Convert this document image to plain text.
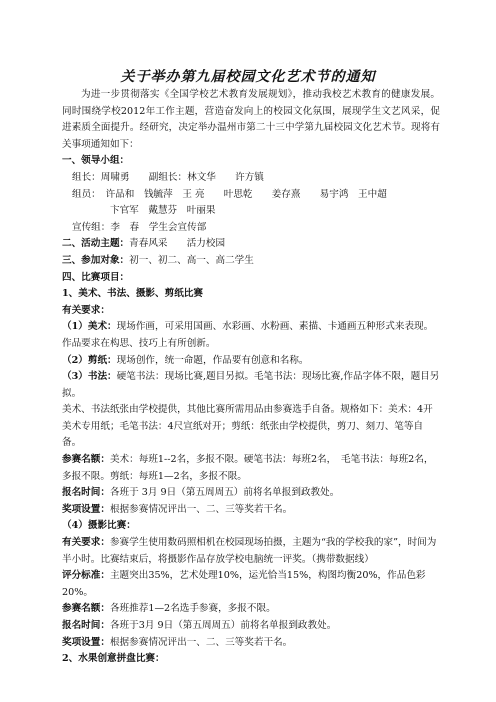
关于举办第九届校园文化艺术节的通知

为进一步贯彻落实《全国学校艺术教育发展规划》，推动我校艺术教育的健康发展。同时围绕学校2012年工作主题，营造奋发向上的校园文化氛围，展现学生文艺风采，促进素质全面提升。经研究，决定举办温州市第二十三中学第九届校园文化艺术节。现将有关事项通知如下：

一、领导小组：

组长：周啸勇　　副组长：林文华　　许方镇

组员：　许品和　钱毓萍　王 亮　　叶思乾　　姜存熹　　易宇鸿　王中超

卞官军　戴慧芬　叶丽果

宣传组：李　春　学生会宣传部

二、活动主题：青春风采　　活力校园

三、参加对象：初一、初二、高一、高二学生

四、比赛项目：

1、美术、书法、摄影、剪纸比赛

有关要求：

（1）美术：现场作画，可采用国画、水彩画、水粉画、素描、卡通画五种形式来表现。作品要求在构思、技巧上有所创新。

（2）剪纸：现场创作，统一命题，作品要有创意和名称。

（3）书法：硬笔书法：现场比赛,题目另拟。毛笔书法：现场比赛,作品字体不限，题目另拟。

美术、书法纸张由学校提供，其他比赛所需用品由参赛选手自备。规格如下：美术：4开美术专用纸；毛笔书法：4尺宣纸对开；剪纸：纸张由学校提供，剪刀、刻刀、笔等自备。

参赛名额：美术：每班1--2名，多报不限。硬笔书法：每班2名，　毛笔书法：每班2名，多报不限。剪纸：每班1—2名，多报不限。

报名时间：各班于 3月 9日（第五周周五）前将名单报到政教处。

奖项设置：根据参赛情况评出一、二、三等奖若干名。

（4）摄影比赛：

有关要求：参赛学生使用数码照相机在校园现场拍摄，主题为“我的学校我的家”，时间为半小时。比赛结束后，将摄影作品存放学校电脑统一评奖。（携带数据线）

评分标准：主题突出35%，艺术处理10%，运光恰当15%，构图均衡20%，作品色彩20%。

参赛名额：各班推荐1—2名选手参赛，多报不限。

报名时间：各班于3月 9日（第五周周五）前将名单报到政教处。

奖项设置：根据参赛情况评出一、二、三等奖若干名。

2、水果创意拼盘比赛：
